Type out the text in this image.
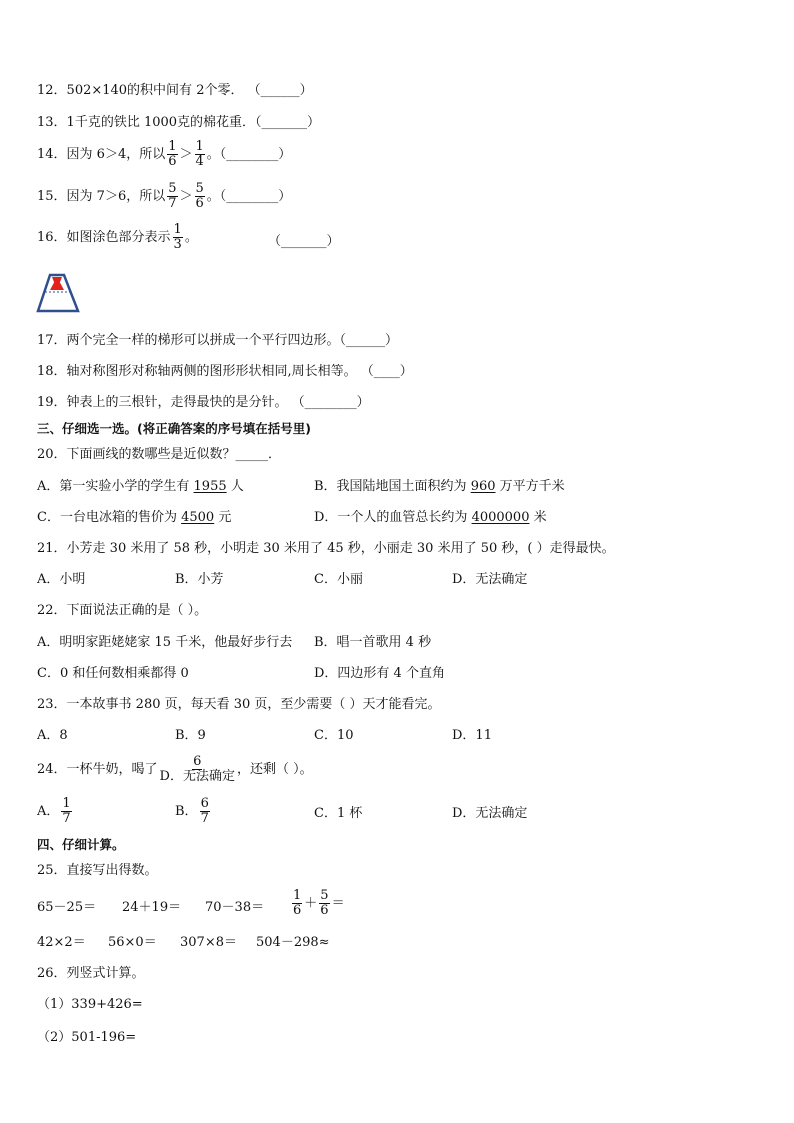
12．502×140的积中间有 2个零． （______）
13．1千克的铁比 1000克的棉花重．（_______）
14．因为 6＞4，所以 $\frac{1}{6} > \frac{1}{4}$ 。（________）
15．因为 7＞6，所以 $\frac{5}{7} > \frac{5}{6}$ 。（________）
16．如图涂色部分表示 $\frac{1}{3}$ 。	（_______）
17．两个完全一样的梯形可以拼成一个平行四边形。（______）
18．轴对称图形对称轴两侧的图形形状相同,周长相等。 （____）
19．钟表上的三根针，走得最快的是分针。 （________）
三、仔细选一选。(将正确答案的序号填在括号里)
20．下面画线的数哪些是近似数？_____．
A．第一实验小学的学生有 1955 人	B．我国陆地国土面积约为 960 万平方千米
C．一台电冰箱的售价为 4500 元	D．一个人的血管总长约为 4000000 米
21．小芳走 30 米用了 58 秒，小明走 30 米用了 45 秒，小丽走 30 米用了 50 秒，( ）走得最快。
A．小明	B．小芳	C．小丽	D．无法确定
22．下面说法正确的是（ ）。
A．明明家距姥姥家 15 千米，他最好步行去 B．唱一首歌用 4 秒
C．0 和任何数相乘都得 0	D．四边形有 4 个直角
23．一本故事书 280 页，每天看 30 页，至少需要（ ）天才能看完。
A．8	B．9	C．10	D．11
24．一杯牛奶，喝了 $\frac{6}{\text{D．无法确定}}$ ，还剩（ ）。
A． $\frac{1}{7}$	B． $\frac{6}{7}$	C．1 杯	D．无法确定
四、仔细计算。
25．直接写出得数。
$65-25= 24+19= 70-38= \frac{1}{6} + \frac{5}{6}$ ＝
42×2＝ 56×0＝ 307×8＝ 504－298≈
26．列竖式计算。
（1）339+426=
（2）501-196=
